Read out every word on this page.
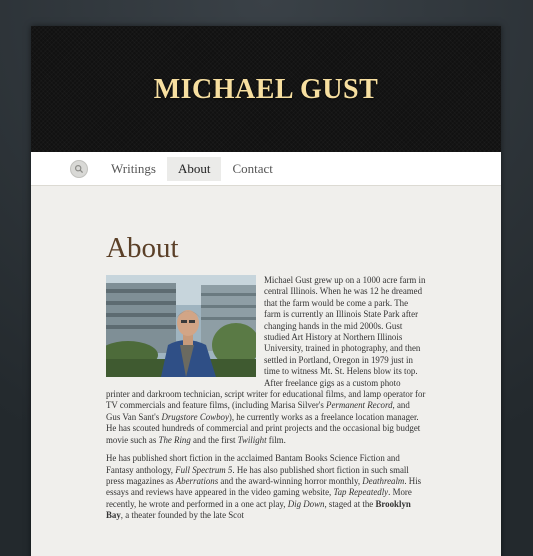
MICHAEL GUST
Writings	About	Contact
About

Michael Gust grew up on a 1000 acre farm in central Illinois. When he was 12 he dreamed that the farm would be come a park. The farm is currently an Illinois State Park after changing hands in the mid 2000s. Gust studied Art History at Northern Illinois University, trained in photography, and then settled in Portland, Oregon in 1979 just in time to witness Mt. St. Helens blow its top. After freelance gigs as a custom photo printer and darkroom technician, script writer for educational films, and lamp operator for TV commercials and feature films, (including Marisa Silver's Permanent Record, and Gus Van Sant's Drugstore Cowboy), he currently works as a freelance location manager. He has scouted hundreds of commercial and print projects and the occasional big budget movie such as The Ring and the first Twilight film.

He has published short fiction in the acclaimed Bantam Books Science Fiction and Fantasy anthology, Full Spectrum 5. He has also published short fiction in such small press magazines as Aberrations and the award-winning horror monthly, Deathrealm. His essays and reviews have appeared in the video gaming website, Tap Repeatedly. More recently, he wrote and performed in a one act play, Dig Down, staged at the Brooklyn Bay, a theater founded by the late Scot
